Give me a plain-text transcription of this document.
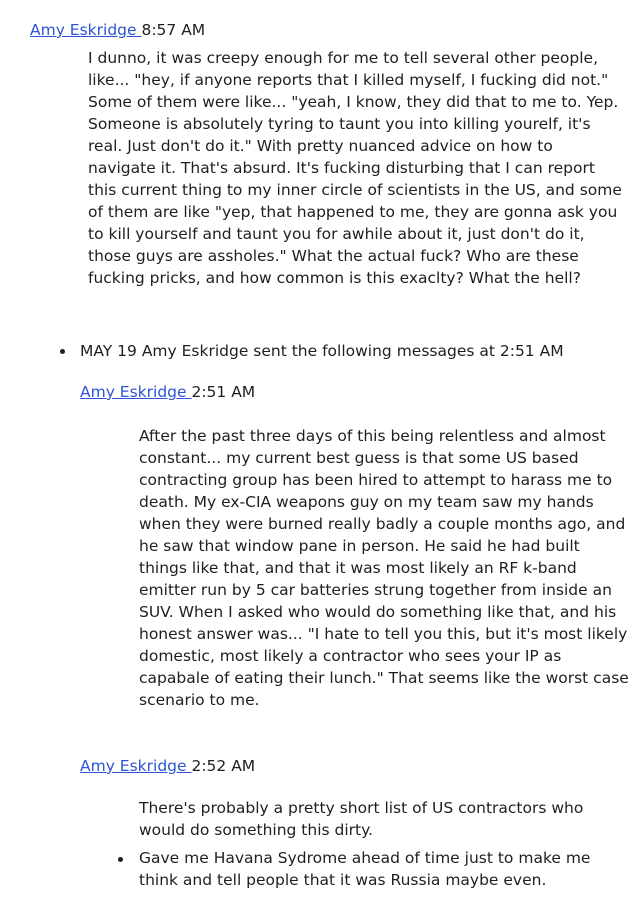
Amy Eskridge 8:57 AM

I dunno, it was creepy enough for me to tell several other people, like... "hey, if anyone reports that I killed myself, I fucking did not." Some of them were like... "yeah, I know, they did that to me to. Yep. Someone is absolutely tyring to taunt you into killing yourelf, it's real. Just don't do it." With pretty nuanced advice on how to navigate it. That's absurd. It's fucking disturbing that I can report this current thing to my inner circle of scientists in the US, and some of them are like "yep, that happened to me, they are gonna ask you to kill yourself and taunt you for awhile about it, just don't do it, those guys are assholes." What the actual fuck? Who are these fucking pricks, and how common is this exaclty? What the hell?

MAY 19 Amy Eskridge sent the following messages at 2:51 AM
Amy Eskridge 2:51 AM

After the past three days of this being relentless and almost constant... my current best guess is that some US based contracting group has been hired to attempt to harass me to death. My ex-CIA weapons guy on my team saw my hands when they were burned really badly a couple months ago, and he saw that window pane in person. He said he had built things like that, and that it was most likely an RF k-band emitter run by 5 car batteries strung together from inside an SUV. When I asked who would do something like that, and his honest answer was... "I hate to tell you this, but it's most likely domestic, most likely a contractor who sees your IP as capabale of eating their lunch." That seems like the worst case scenario to me.

Amy Eskridge 2:52 AM

There's probably a pretty short list of US contractors who would do something this dirty.

Gave me Havana Sydrome ahead of time just to make me think and tell people that it was Russia maybe even.
